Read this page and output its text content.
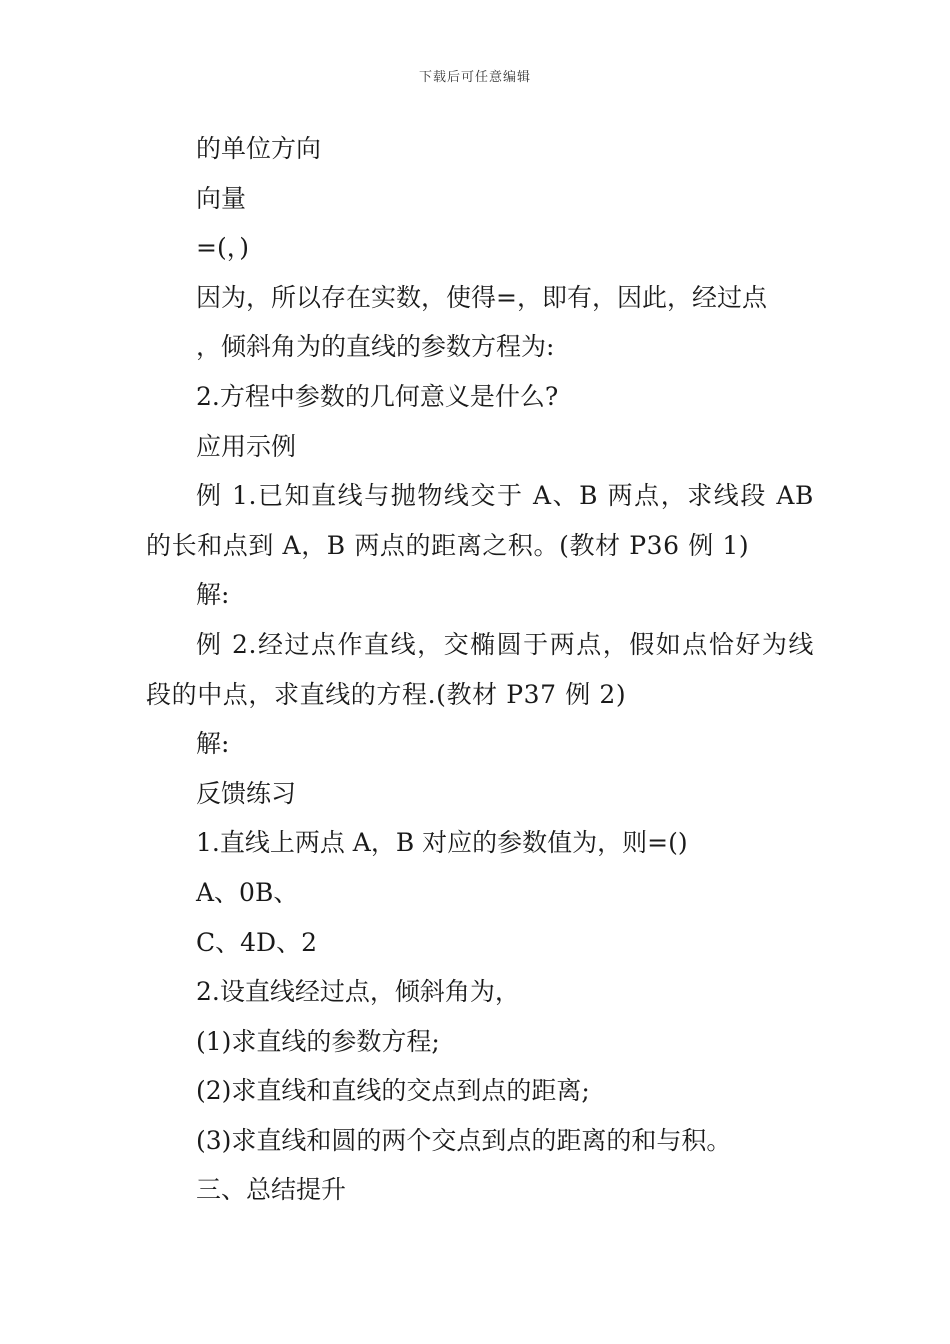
下载后可任意编辑

的单位方向

向量

=(，)

因为，所以存在实数，使得=，即有，因此，经过点

，倾斜角为的直线的参数方程为:

2.方程中参数的几何意义是什么?

应用示例

例 1.已知直线与抛物线交于 A、B 两点，求线段 AB 的长和点到 A，B 两点的距离之积。(教材 P36 例 1)

解:

例 2.经过点作直线，交椭圆于两点，假如点恰好为线段的中点，求直线的方程.(教材 P37 例 2)

解:

反馈练习

1.直线上两点 A，B 对应的参数值为，则=()

A、0B、

C、4D、2

2.设直线经过点，倾斜角为，

(1)求直线的参数方程;

(2)求直线和直线的交点到点的距离;

(3)求直线和圆的两个交点到点的距离的和与积。

三、总结提升
